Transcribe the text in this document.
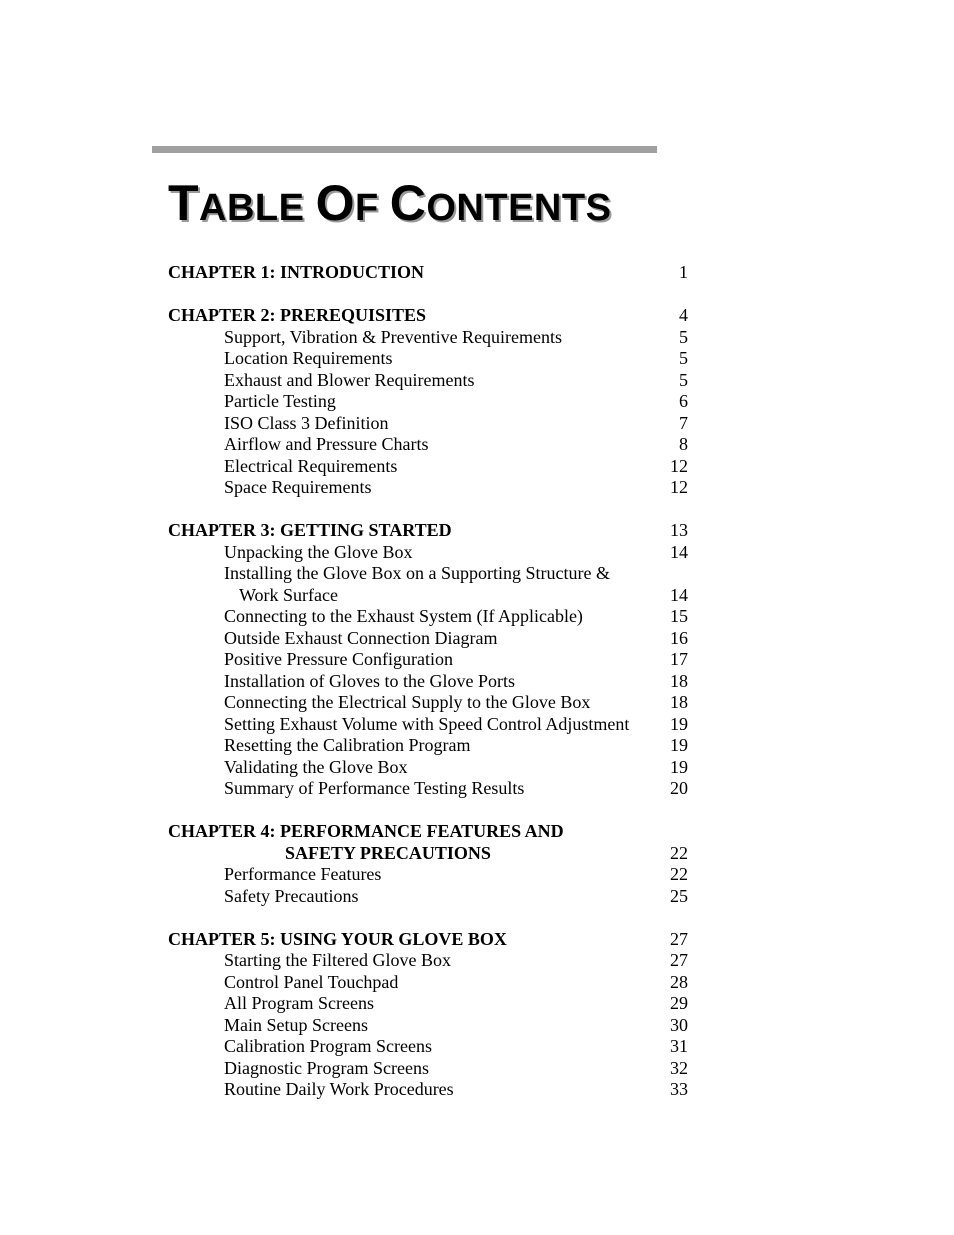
TABLE OF CONTENTS
CHAPTER 1: INTRODUCTION	1
CHAPTER 2: PREREQUISITES	4
Support, Vibration & Preventive Requirements	5
Location Requirements	5
Exhaust and Blower Requirements	5
Particle Testing	6
ISO Class 3 Definition	7
Airflow and Pressure Charts	8
Electrical Requirements	12
Space Requirements	12
CHAPTER 3: GETTING STARTED	13
Unpacking the Glove Box	14
Installing the Glove Box on a Supporting Structure &
Work Surface	14
Connecting to the Exhaust System (If Applicable)	15
Outside Exhaust Connection Diagram	16
Positive Pressure Configuration	17
Installation of Gloves to the Glove Ports	18
Connecting the Electrical Supply to the Glove Box	18
Setting Exhaust Volume with Speed Control Adjustment	19
Resetting the Calibration Program	19
Validating the Glove Box	19
Summary of Performance Testing Results	20
CHAPTER 4: PERFORMANCE FEATURES AND
SAFETY PRECAUTIONS	22
Performance Features	22
Safety Precautions	25
CHAPTER 5: USING YOUR GLOVE BOX	27
Starting the Filtered Glove Box	27
Control Panel Touchpad	28
All Program Screens	29
Main Setup Screens	30
Calibration Program Screens	31
Diagnostic Program Screens	32
Routine Daily Work Procedures	33
